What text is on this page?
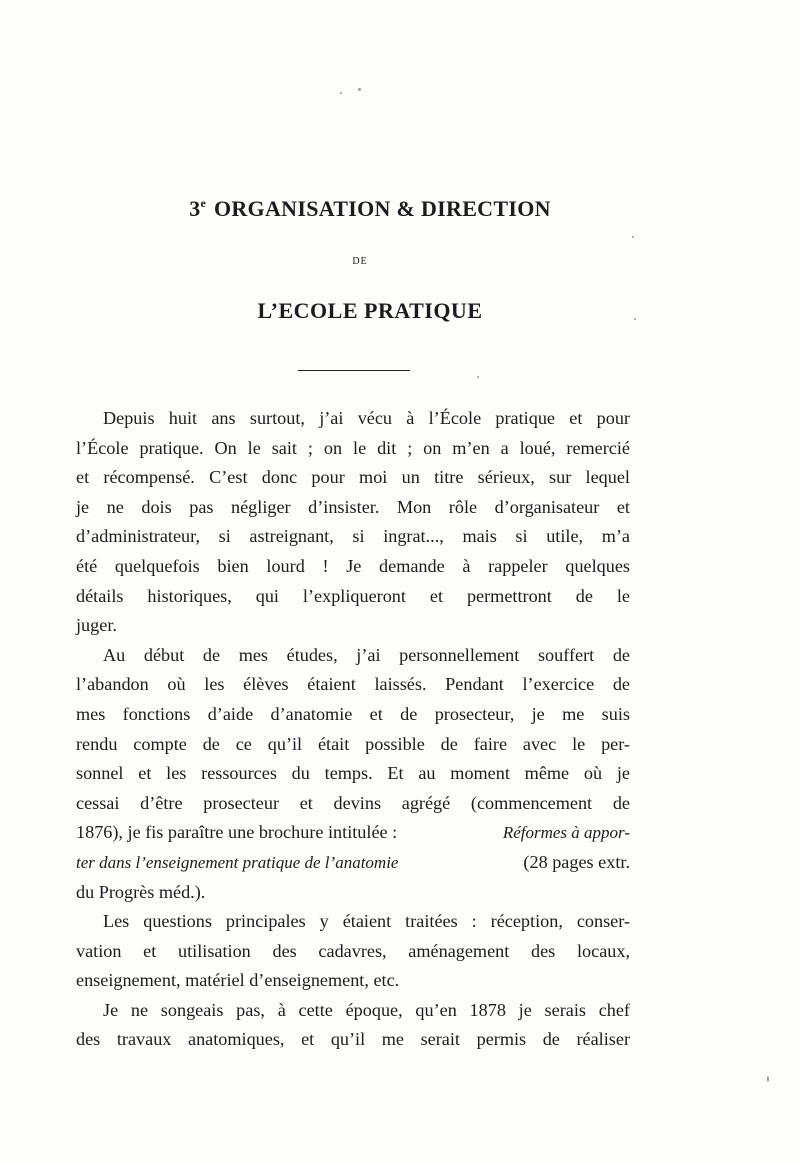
3e ORGANISATION & DIRECTION
DE
L’ECOLE PRATIQUE
Depuis huit ans surtout, j’ai vécu à l’École pratique et pour
l’École pratique. On le sait ; on le dit ; on m’en a loué, remercié
et récompensé. C’est donc pour moi un titre sérieux, sur lequel
je ne dois pas négliger d’insister. Mon rôle d’organisateur et
d’administrateur, si astreignant, si ingrat..., mais si utile, m’a
été quelquefois bien lourd ! Je demande à rappeler quelques
détails historiques, qui l’expliqueront et permettront de le
juger.
Au début de mes études, j’ai personnellement souffert de
l’abandon où les élèves étaient laissés. Pendant l’exercice de
mes fonctions d’aide d’anatomie et de prosecteur, je me suis
rendu compte de ce qu’il était possible de faire avec le per-
sonnel et les ressources du temps. Et au moment même où je
cessai d’être prosecteur et devins agrégé (commencement de
1876), je fis paraître une brochure intitulée :	Réformes à appor-
ter dans l’enseignement pratique de l’anatomie	(28 pages extr.
du Progrès méd.).
Les questions principales y étaient traitées : réception, conser-
vation et utilisation des cadavres, aménagement des locaux,
enseignement, matériel d’enseignement, etc.
Je ne songeais pas, à cette époque, qu’en 1878 je serais chef
des travaux anatomiques, et qu’il me serait permis de réaliser
